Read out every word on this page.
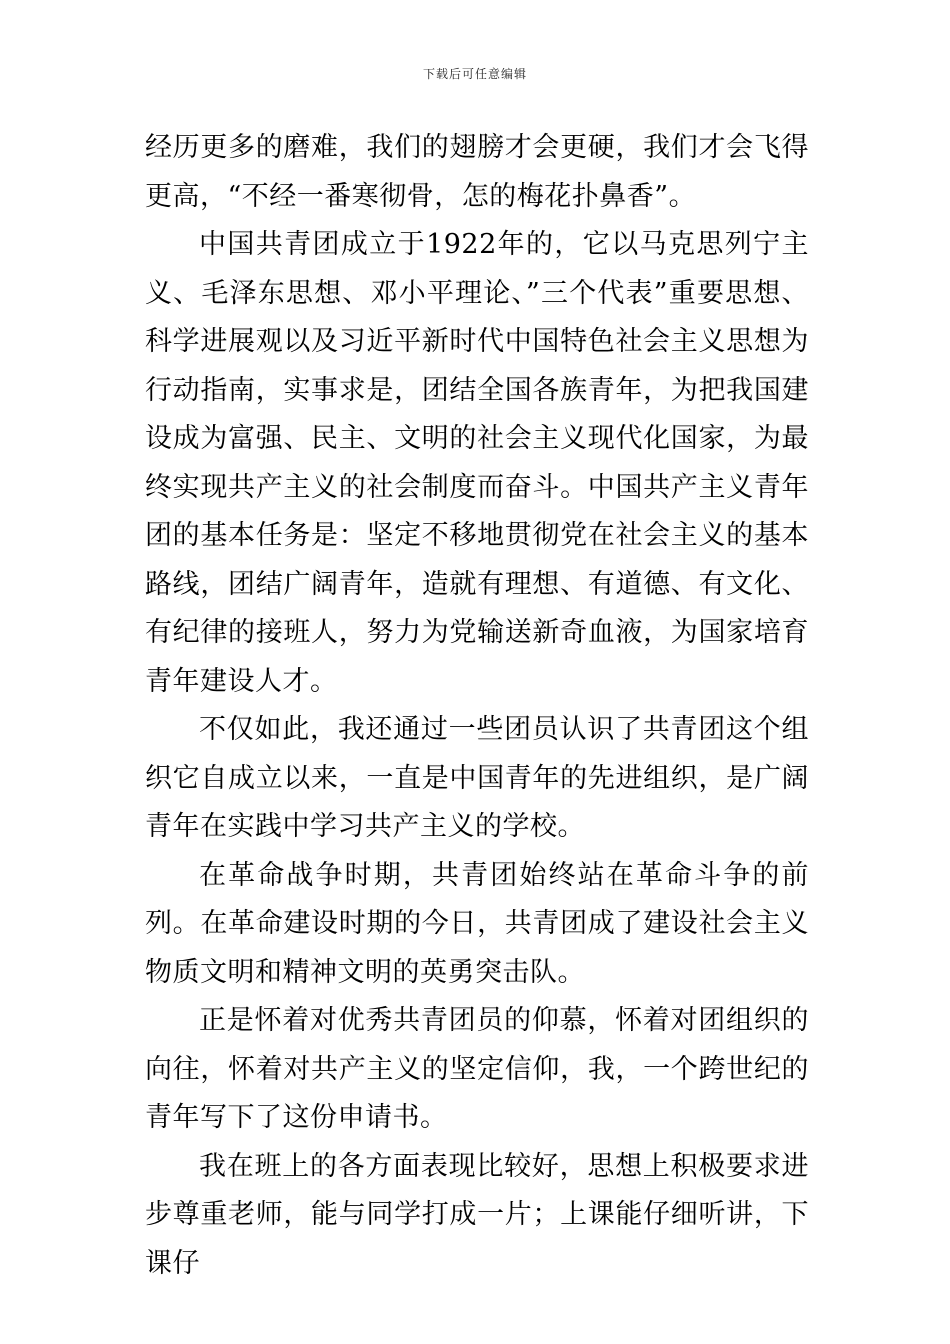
下载后可任意编辑

经历更多的磨难，我们的翅膀才会更硬，我们才会飞得更高，“不经一番寒彻骨，怎的梅花扑鼻香”。

中国共青团成立于1922年的，它以马克思列宁主义、毛泽东思想、邓小平理论、”三个代表”重要思想、科学进展观以及习近平新时代中国特色社会主义思想为行动指南，实事求是，团结全国各族青年，为把我国建设成为富强、民主、文明的社会主义现代化国家，为最终实现共产主义的社会制度而奋斗。中国共产主义青年团的基本任务是：坚定不移地贯彻党在社会主义的基本路线，团结广阔青年，造就有理想、有道德、有文化、有纪律的接班人，努力为党输送新奇血液，为国家培育青年建设人才。

不仅如此，我还通过一些团员认识了共青团这个组织它自成立以来，一直是中国青年的先进组织，是广阔青年在实践中学习共产主义的学校。

在革命战争时期，共青团始终站在革命斗争的前列。在革命建设时期的今日，共青团成了建设社会主义物质文明和精神文明的英勇突击队。

正是怀着对优秀共青团员的仰慕，怀着对团组织的向往，怀着对共产主义的坚定信仰，我，一个跨世纪的青年写下了这份申请书。

我在班上的各方面表现比较好，思想上积极要求进步尊重老师，能与同学打成一片；上课能仔细听讲，下课仔
